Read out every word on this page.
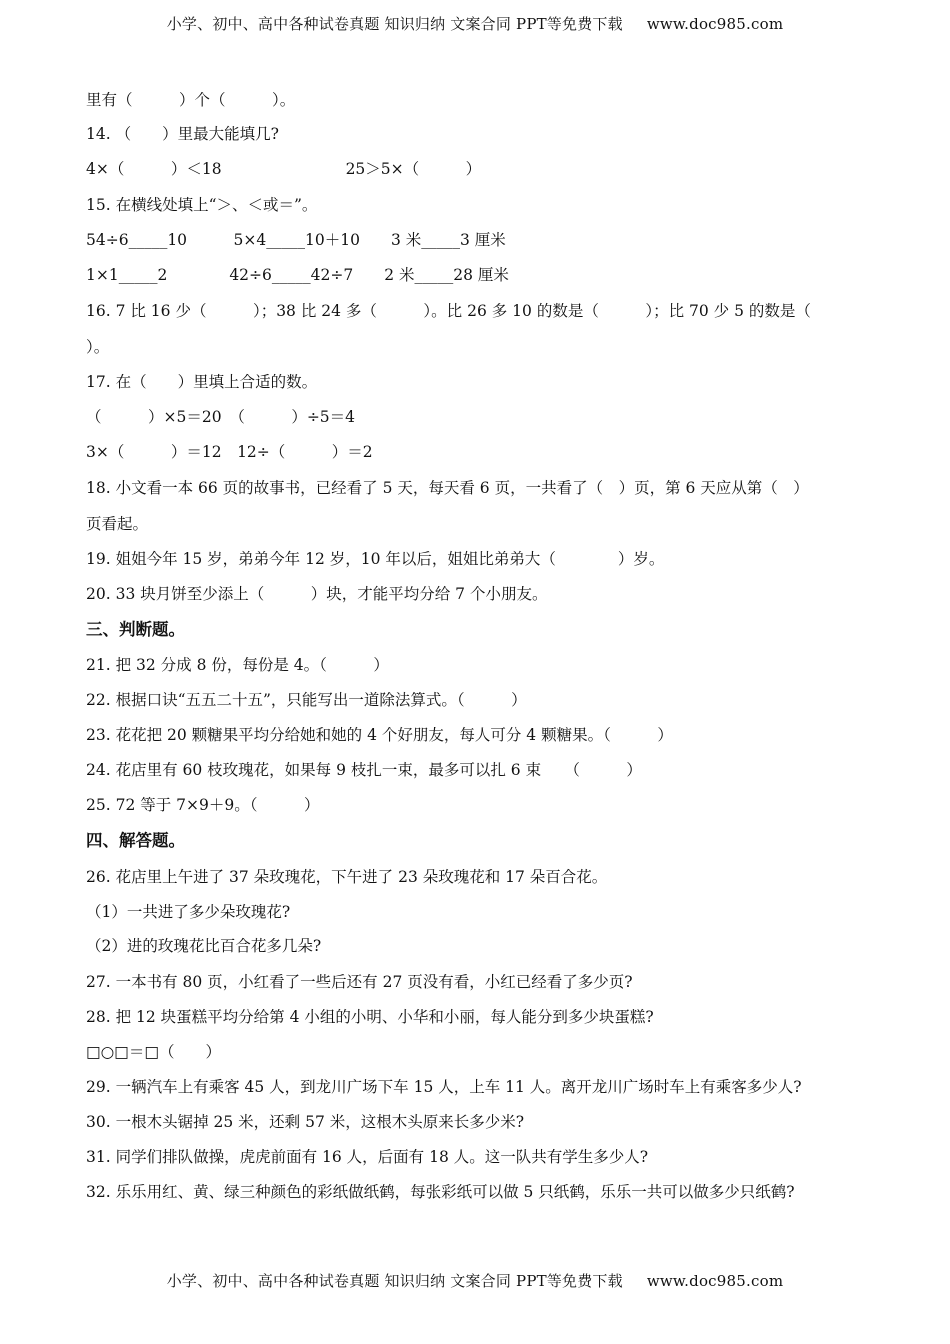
小学、初中、高中各种试卷真题 知识归纳 文案合同 PPT等免费下载 www.doc985.com
里有（　　　）个（　　　）。
14. （　　）里最大能填几?
4×（　　　）＜18　　　　　　　　25＞5×（　　　）
15. 在横线处填上“＞、＜或＝”。
54÷6_____10　　　5×4_____10＋10　　3 米_____3 厘米
1×1_____2　　　　42÷6_____42÷7　　2 米_____28 厘米
16. 7 比 16 少（　　　）；38 比 24 多（　　　）。比 26 多 10 的数是（　　　）；比 70 少 5 的数是（
）。
17. 在（　　）里填上合适的数。
（　　　）×5＝20　（　　　）÷5＝4
3×（　　　）＝12　12÷（　　　）＝2
18. 小文看一本 66 页的故事书，已经看了 5 天，每天看 6 页，一共看了（　）页，第 6 天应从第（　）
页看起。
19. 姐姐今年 15 岁，弟弟今年 12 岁，10 年以后，姐姐比弟弟大（　　　　）岁。
20. 33 块月饼至少添上（　　　）块，才能平均分给 7 个小朋友。
三、判断题。
21. 把 32 分成 8 份，每份是 4。（　　　）
22. 根据口诀“五五二十五”，只能写出一道除法算式。（　　　）
23. 花花把 20 颗糖果平均分给她和她的 4 个好朋友，每人可分 4 颗糖果。（　　　）
24. 花店里有 60 枝玫瑰花，如果每 9 枝扎一束，最多可以扎 6 束　　（　　　）
25. 72 等于 7×9＋9。（　　　）
四、解答题。
26. 花店里上午进了 37 朵玫瑰花，下午进了 23 朵玫瑰花和 17 朵百合花。
（1）一共进了多少朵玫瑰花?
（2）进的玫瑰花比百合花多几朵?
27. 一本书有 80 页，小红看了一些后还有 27 页没有看，小红已经看了多少页?
28. 把 12 块蛋糕平均分给第 4 小组的小明、小华和小丽，每人能分到多少块蛋糕?
□○□＝□（　　）
29. 一辆汽车上有乘客 45 人，到龙川广场下车 15 人，上车 11 人。离开龙川广场时车上有乘客多少人?
30. 一根木头锯掉 25 米，还剩 57 米，这根木头原来长多少米?
31. 同学们排队做操，虎虎前面有 16 人，后面有 18 人。这一队共有学生多少人?
32. 乐乐用红、黄、绿三种颜色的彩纸做纸鹤，每张彩纸可以做 5 只纸鹤，乐乐一共可以做多少只纸鹤?
小学、初中、高中各种试卷真题 知识归纳 文案合同 PPT等免费下载 www.doc985.com
